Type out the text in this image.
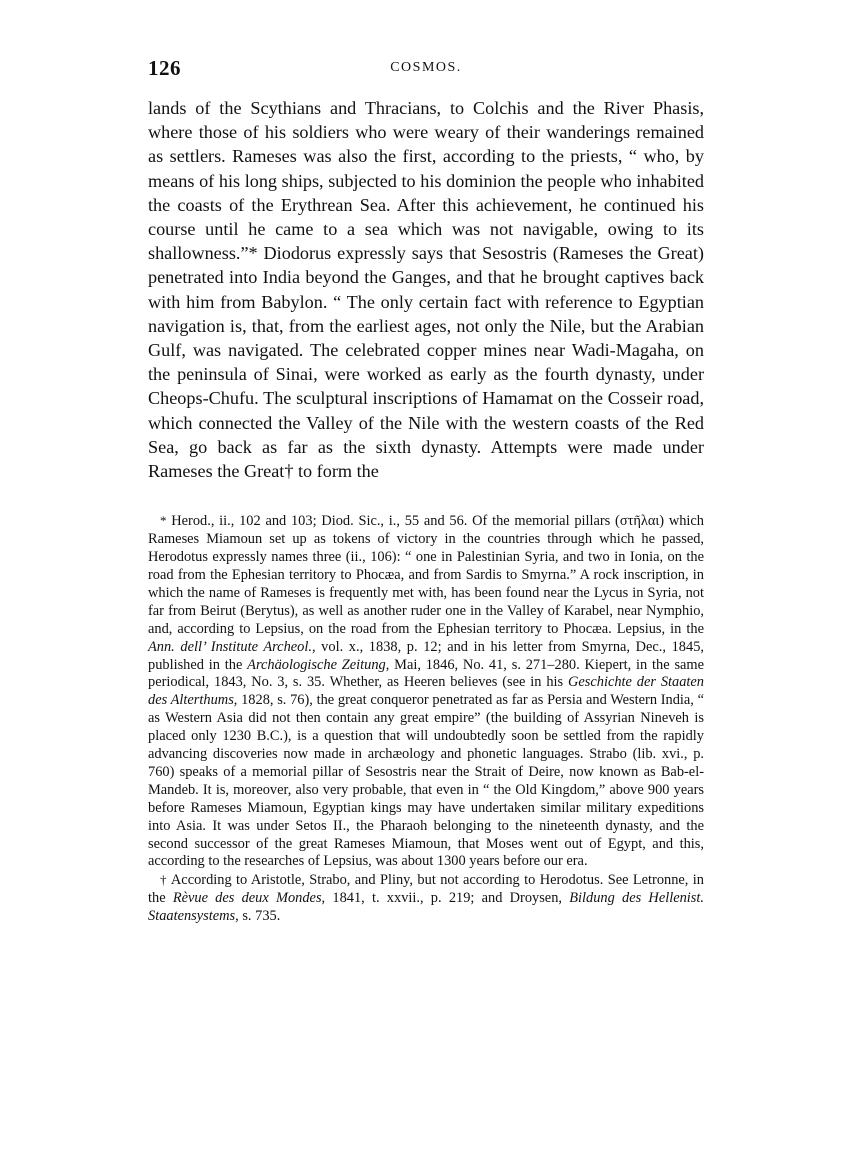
126	COSMOS.

lands of the Scythians and Thracians, to Colchis and the River Phasis, where those of his soldiers who were weary of their wanderings remained as settlers. Rameses was also the first, according to the priests, “ who, by means of his long ships, subjected to his dominion the people who inhabited the coasts of the Erythrean Sea. After this achievement, he continued his course until he came to a sea which was not navigable, owing to its shallowness.”* Diodorus expressly says that Sesostris (Rameses the Great) penetrated into India beyond the Ganges, and that he brought captives back with him from Babylon. “ The only certain fact with reference to Egyptian navigation is, that, from the earliest ages, not only the Nile, but the Arabian Gulf, was navigated. The celebrated copper mines near Wadi-Magaha, on the peninsula of Sinai, were worked as early as the fourth dynasty, under Cheops-Chufu. The sculptural inscriptions of Hamamat on the Cosseir road, which connected the Valley of the Nile with the western coasts of the Red Sea, go back as far as the sixth dynasty. Attempts were made under Rameses the Great† to form the

* Herod., ii., 102 and 103; Diod. Sic., i., 55 and 56. Of the memorial pillars (στῆλαι) which Rameses Miamoun set up as tokens of victory in the countries through which he passed, Herodotus expressly names three (ii., 106): “ one in Palestinian Syria, and two in Ionia, on the road from the Ephesian territory to Phocæa, and from Sardis to Smyrna.” A rock inscription, in which the name of Rameses is frequently met with, has been found near the Lycus in Syria, not far from Beirut (Berytus), as well as another ruder one in the Valley of Karabel, near Nymphio, and, according to Lepsius, on the road from the Ephesian territory to Phocæa. Lepsius, in the Ann. dell’ Institute Archeol., vol. x., 1838, p. 12; and in his letter from Smyrna, Dec., 1845, published in the Archäologische Zeitung, Mai, 1846, No. 41, s. 271–280. Kiepert, in the same periodical, 1843, No. 3, s. 35. Whether, as Heeren believes (see in his Geschichte der Staaten des Alterthums, 1828, s. 76), the great conqueror penetrated as far as Persia and Western India, “ as Western Asia did not then contain any great empire” (the building of Assyrian Nineveh is placed only 1230 B.C.), is a question that will undoubtedly soon be settled from the rapidly advancing discoveries now made in archæology and phonetic languages. Strabo (lib. xvi., p. 760) speaks of a memorial pillar of Sesostris near the Strait of Deire, now known as Bab-el-Mandeb. It is, moreover, also very probable, that even in “ the Old Kingdom,” above 900 years before Rameses Miamoun, Egyptian kings may have undertaken similar military expeditions into Asia. It was under Setos II., the Pharaoh belonging to the nineteenth dynasty, and the second successor of the great Rameses Miamoun, that Moses went out of Egypt, and this, according to the researches of Lepsius, was about 1300 years before our era.

† According to Aristotle, Strabo, and Pliny, but not according to Herodotus. See Letronne, in the Rèvue des deux Mondes, 1841, t. xxvii., p. 219; and Droysen, Bildung des Hellenist. Staatensystems, s. 735.
